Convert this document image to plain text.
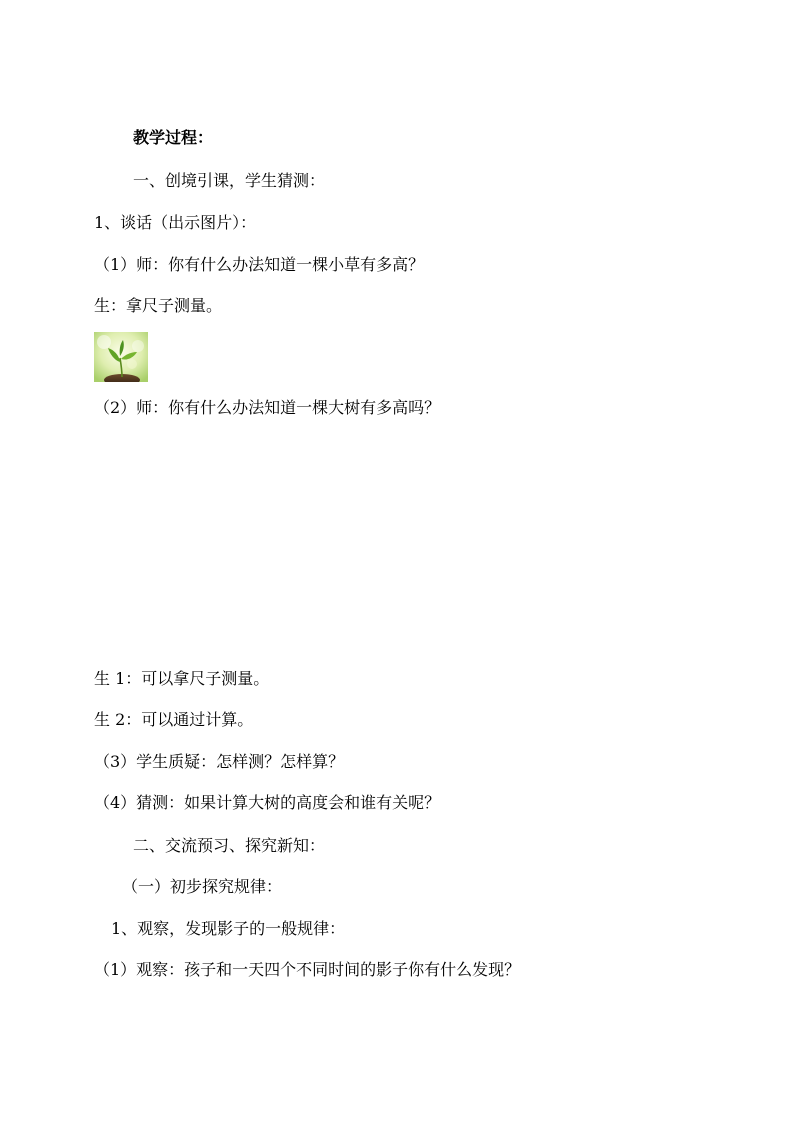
教学过程：
一、创境引课，学生猜测：
1、谈话（出示图片）：
（1）师：你有什么办法知道一棵小草有多高？
生：拿尺子测量。
（2）师：你有什么办法知道一棵大树有多高吗？
生 1：可以拿尺子测量。
生 2：可以通过计算。
（3）学生质疑：怎样测？怎样算？
（4）猜测：如果计算大树的高度会和谁有关呢？
二、交流预习、探究新知：
（一）初步探究规律：
1、观察，发现影子的一般规律：
（1）观察：孩子和一天四个不同时间的影子你有什么发现？
